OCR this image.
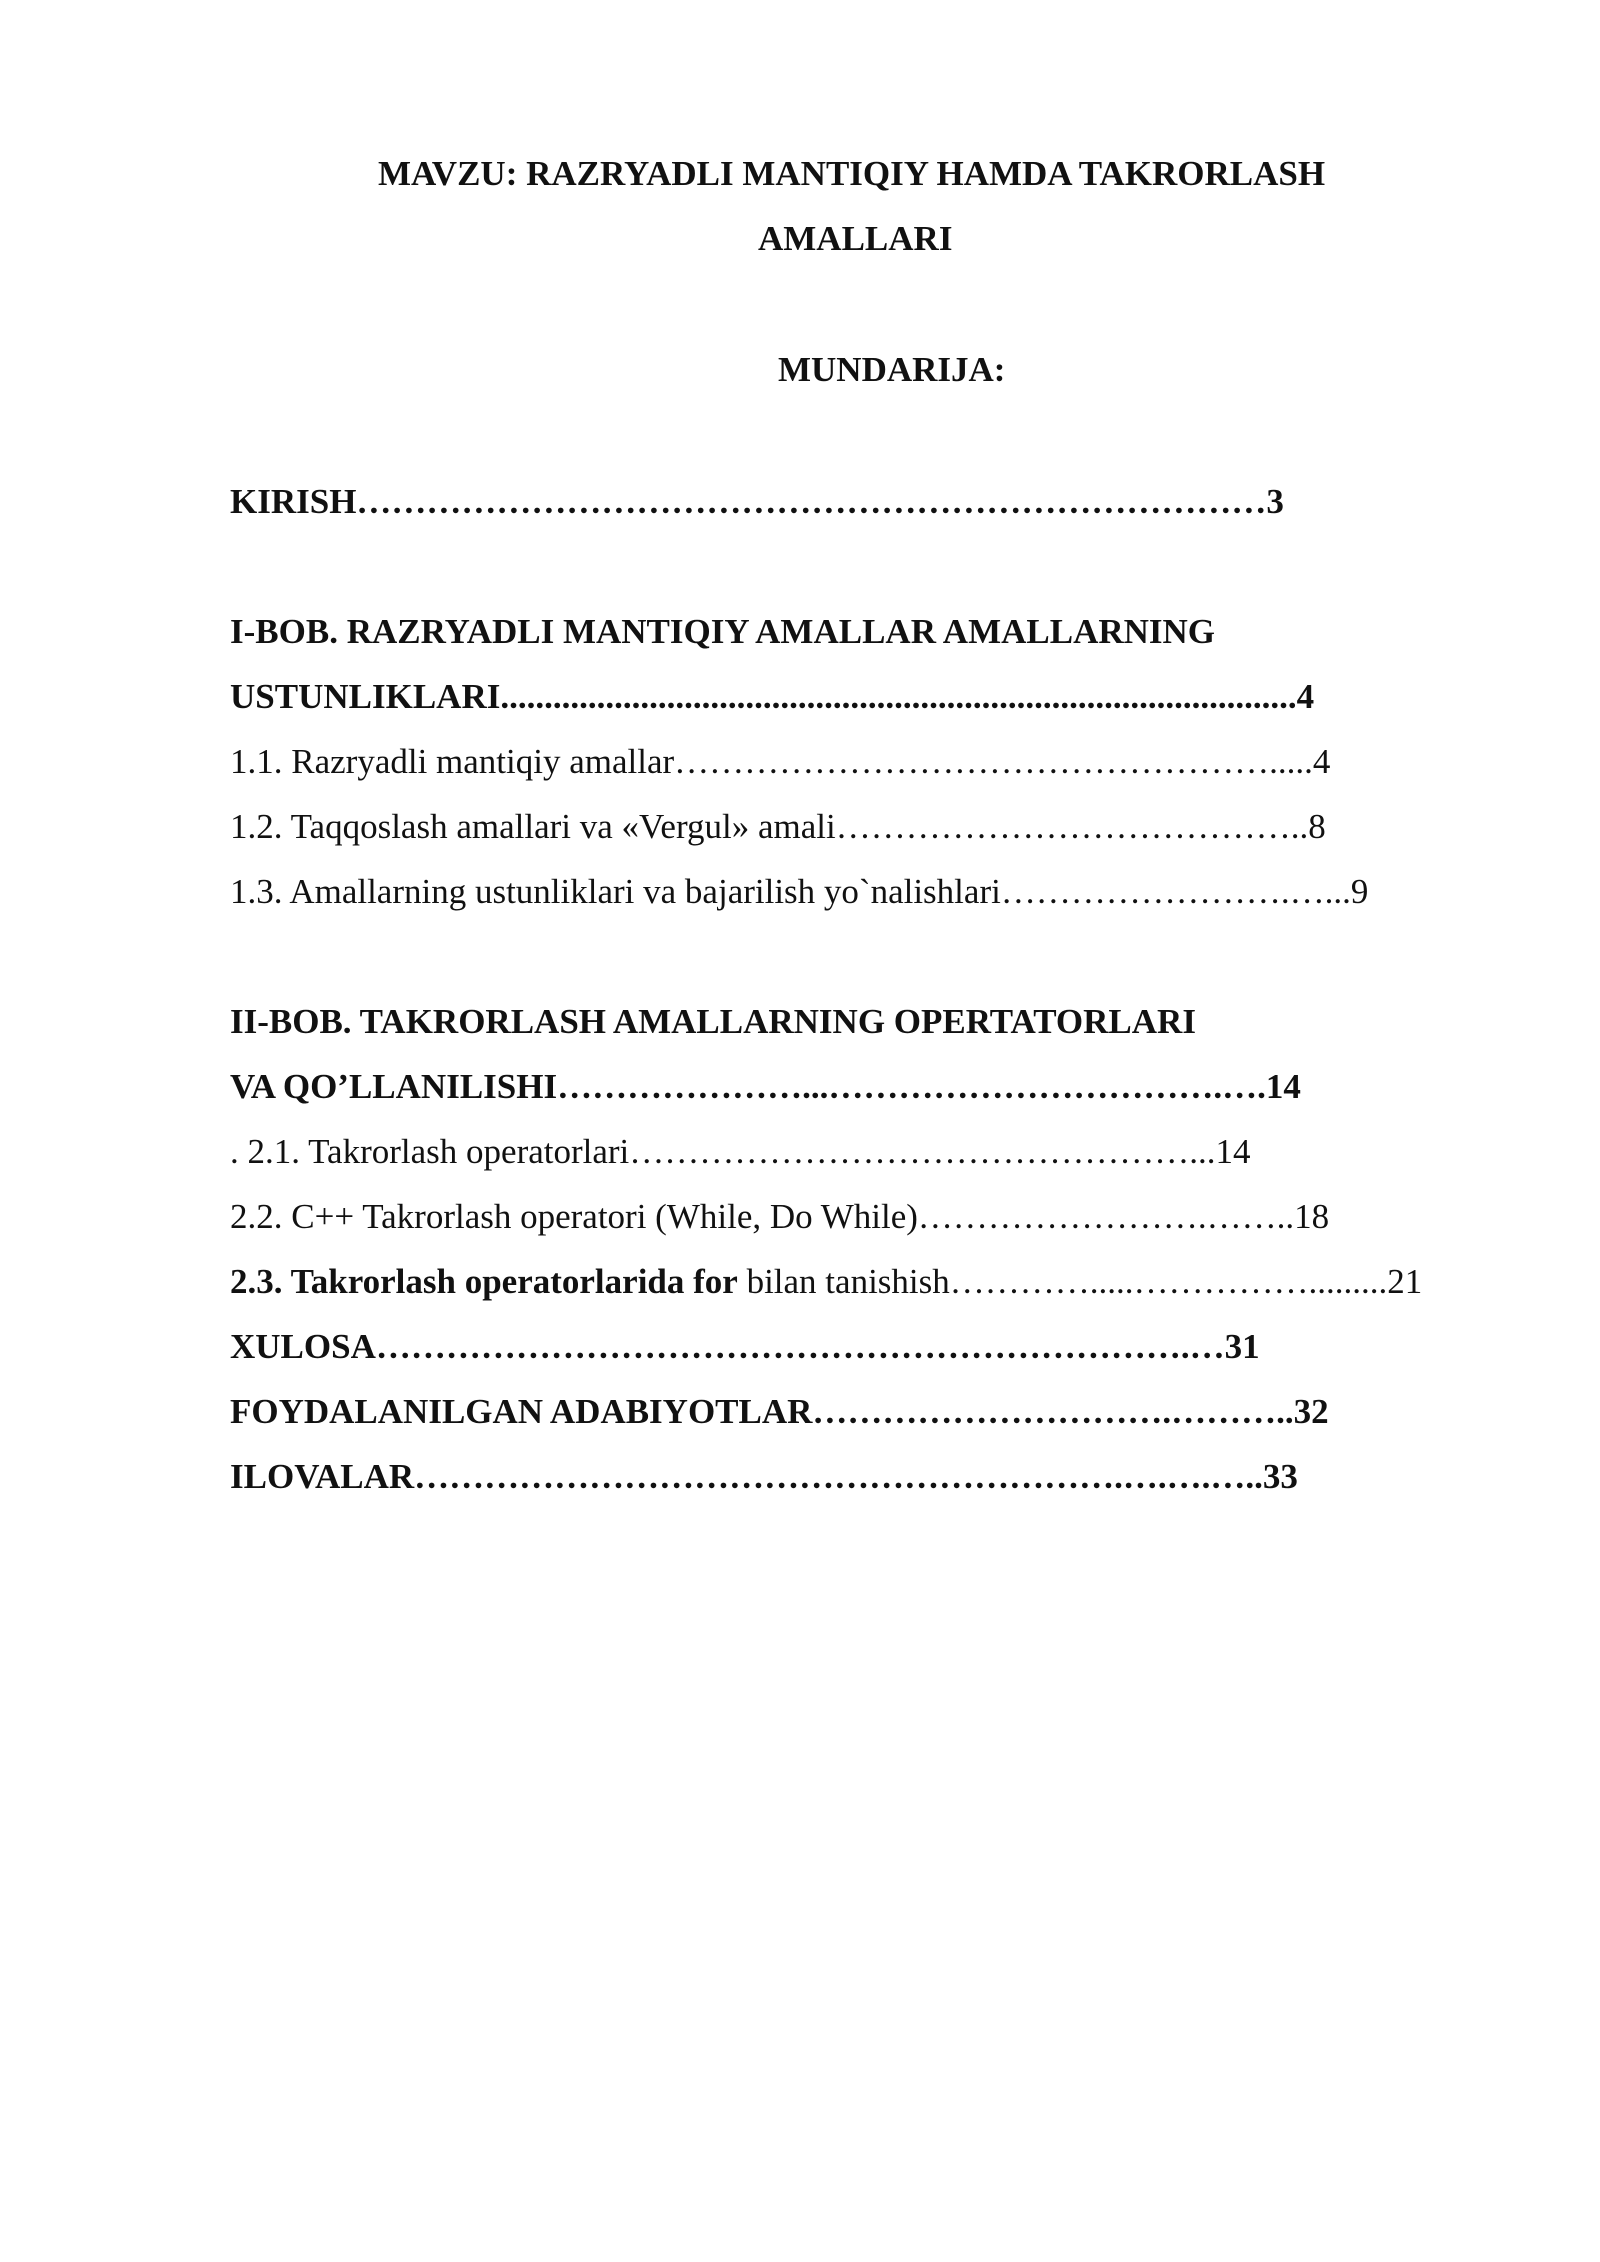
MAVZU: RAZRYADLI MANTIQIY HAMDA TAKRORLASH
AMALLARI
MUNDARIJA:
KIRISH……………………………………………………………………3
I-BOB. RAZRYADLI MANTIQIY AMALLAR AMALLARNING
USTUNLIKLARI...........................................................................................4
1.1. Razryadli mantiqiy amallar…………………………………………….....4
1.2. Taqqoslash amallari va «Vergul» amali…………………………………..8
1.3. Amallarning ustunliklari va bajarilish yo`nalishlari…………………….…...9
II-BOB. TAKRORLASH AMALLARNING OPERTATORLARI
VA QO’LLANILISHI…………………...…………………………….….14
. 2.1. Takrorlash operatorlari…………………………………………...14
2.2. C++ Takrorlash operatori (While, Do While)…………………….……..18
2.3. Takrorlash operatorlarida for bilan tanishish………….....…………….........21
XULOSA…………………………………………………………….…31
FOYDALANILGAN ADABIYOTLAR………………………….………..32
ILOVALAR…………………………………………………….….….…..33
